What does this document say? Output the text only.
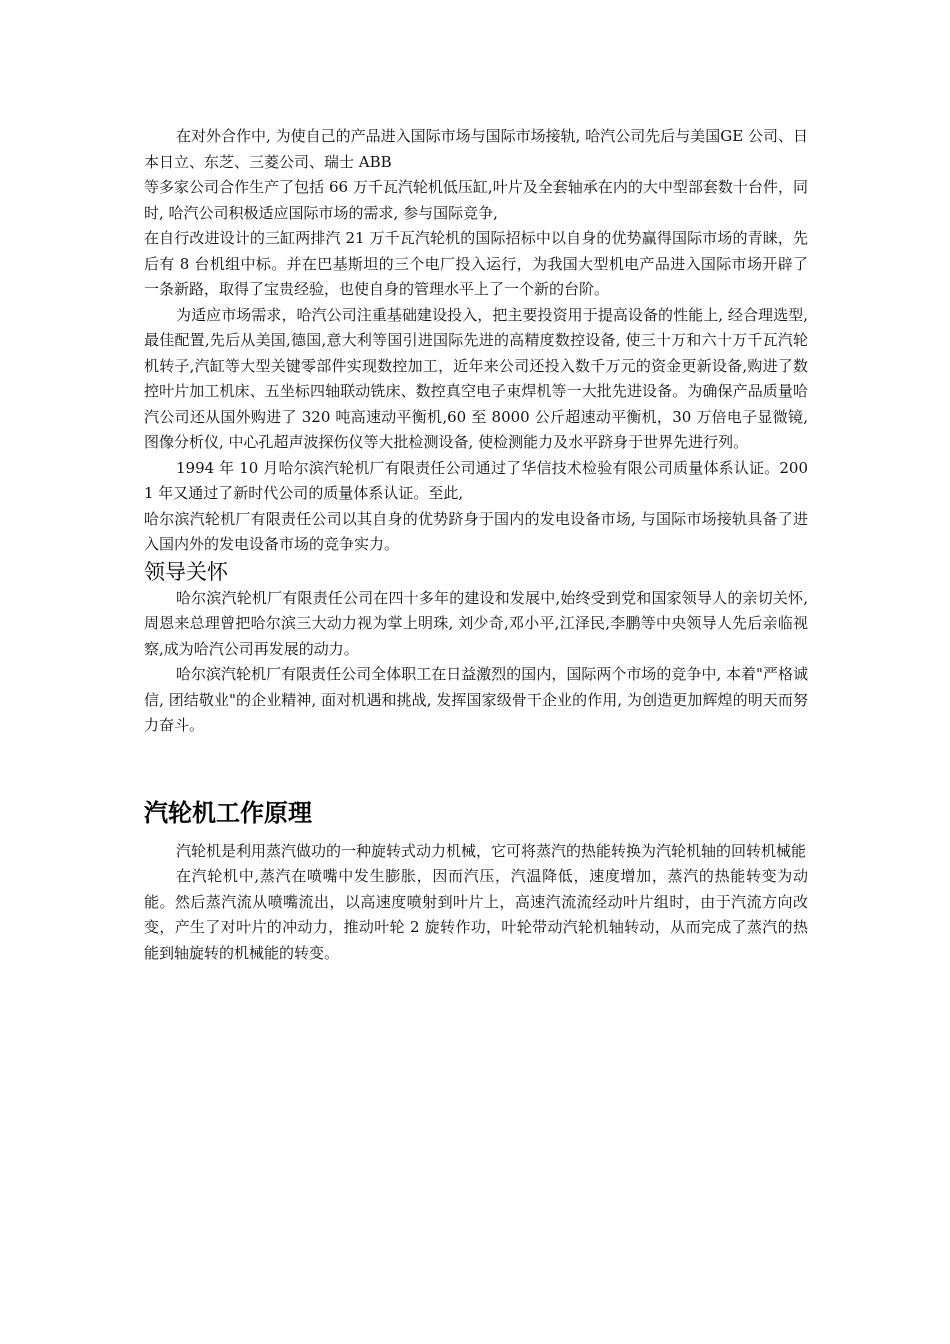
在对外合作中, 为使自己的产品进入国际市场与国际市场接轨, 哈汽公司先后与美国GE 公司、日本日立、东芝、三菱公司、瑞士 ABB

等多家公司合作生产了包括 66 万千瓦汽轮机低压缸,叶片及全套轴承在内的大中型部套数十台件，同时, 哈汽公司积极适应国际市场的需求, 参与国际竞争,

在自行改进设计的三缸两排汽 21 万千瓦汽轮机的国际招标中以自身的优势赢得国际市场的青睐，先后有 8 台机组中标。并在巴基斯坦的三个电厂投入运行，为我国大型机电产品进入国际市场开辟了一条新路，取得了宝贵经验，也使自身的管理水平上了一个新的台阶。

为适应市场需求，哈汽公司注重基础建设投入，把主要投资用于提高设备的性能上, 经合理选型, 最佳配置,先后从美国,德国,意大利等国引进国际先进的高精度数控设备, 使三十万和六十万千瓦汽轮机转子,汽缸等大型关键零部件实现数控加工，近年来公司还投入数千万元的资金更新设备,购进了数控叶片加工机床、五坐标四轴联动铣床、数控真空电子束焊机等一大批先进设备。为确保产品质量哈汽公司还从国外购进了 320 吨高速动平衡机,60 至 8000 公斤超速动平衡机，30 万倍电子显微镜, 图像分析仪, 中心孔超声波探伤仪等大批检测设备, 使检测能力及水平跻身于世界先进行列。

1994 年 10 月哈尔滨汽轮机厂有限责任公司通过了华信技术检验有限公司质量体系认证。2001 年又通过了新时代公司的质量体系认证。至此,

哈尔滨汽轮机厂有限责任公司以其自身的优势跻身于国内的发电设备市场, 与国际市场接轨具备了进入国内外的发电设备市场的竞争实力。

领导关怀

哈尔滨汽轮机厂有限责任公司在四十多年的建设和发展中,始终受到党和国家领导人的亲切关怀,周恩来总理曾把哈尔滨三大动力视为掌上明珠, 刘少奇,邓小平,江泽民,李鹏等中央领导人先后亲临视察,成为哈汽公司再发展的动力。

哈尔滨汽轮机厂有限责任公司全体职工在日益激烈的国内，国际两个市场的竞争中, 本着"严格诚信, 团结敬业"的企业精神, 面对机遇和挑战, 发挥国家级骨干企业的作用, 为创造更加辉煌的明天而努力奋斗。

汽轮机工作原理

汽轮机是利用蒸汽做功的一种旋转式动力机械，它可将蒸汽的热能转换为汽轮机轴的回转机械能

在汽轮机中,蒸汽在喷嘴中发生膨胀，因而汽压，汽温降低，速度增加，蒸汽的热能转变为动能。然后蒸汽流从喷嘴流出，以高速度喷射到叶片上，高速汽流流经动叶片组时，由于汽流方向改变，产生了对叶片的冲动力，推动叶轮 2 旋转作功，叶轮带动汽轮机轴转动，从而完成了蒸汽的热能到轴旋转的机械能的转变。
